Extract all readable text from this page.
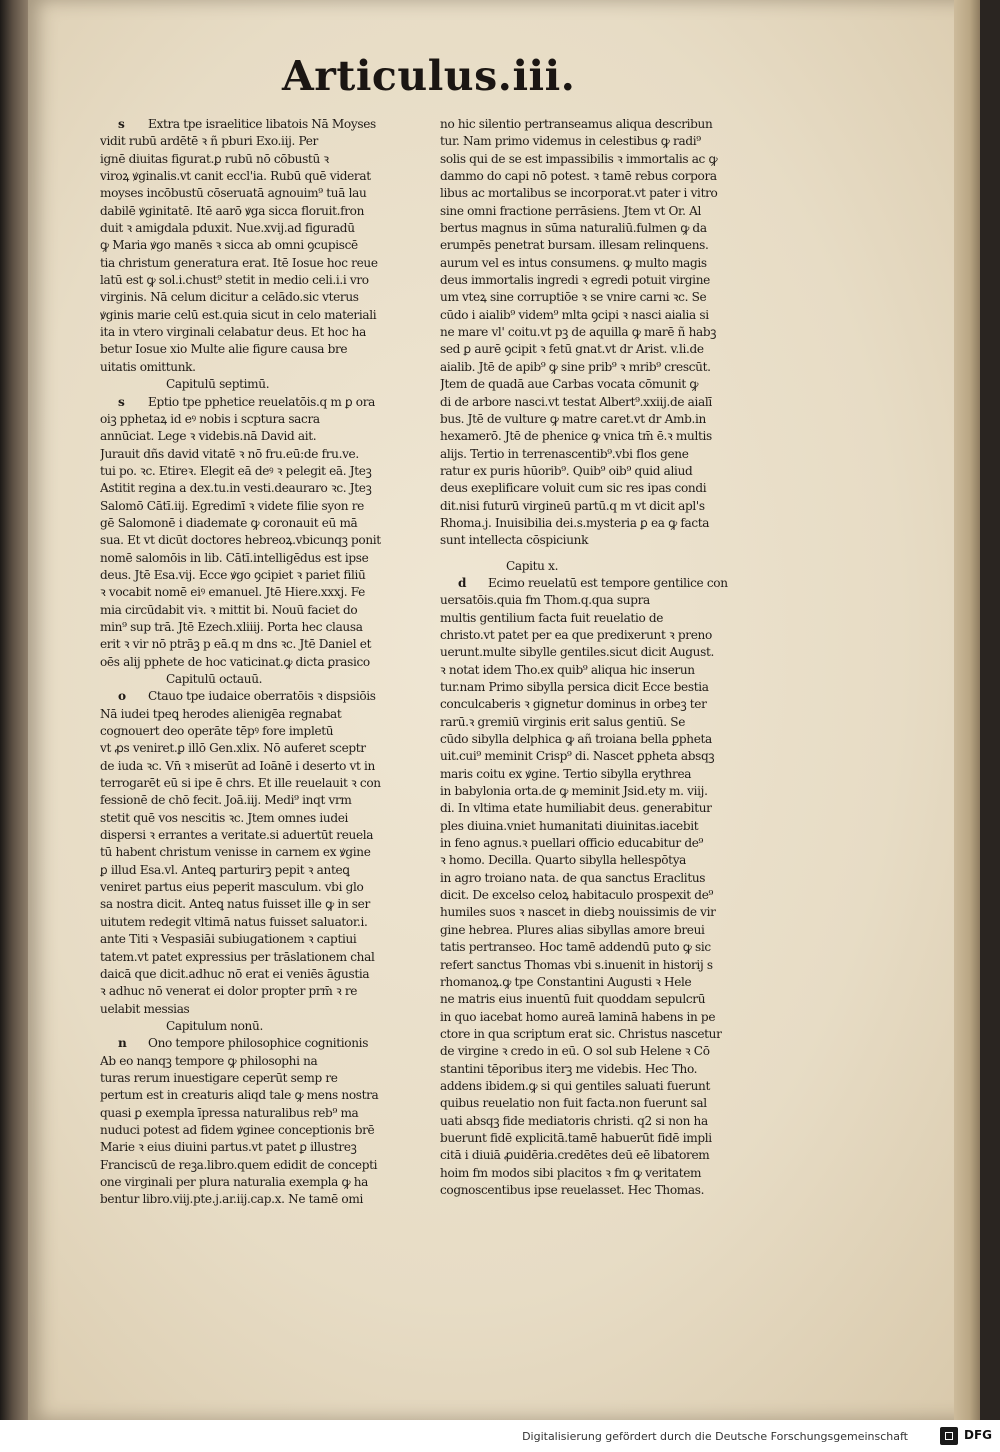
Articulus.iii.
s Extra tpe israelitice libatois Nā Moyses
vidit rubū ardētē ꝛ ñ pburi Exo.iij. Per
ignē diuitas figurat.ꝑ rubū nō cōbustū ꝛ
viroꝝ ꝟginalis.vt canit eccl'ia. Rubū quē viderat
moyses incōbustū cōseruatā agnouim⁹ tuā lau
dabilē ꝟginitatē. Itē aarō ꝟga sicca floruit.fron
duit ꝛ amigdala pduxit. Nue.xvij.ad figuradū
ꝙ Maria ꝟgo manēs ꝛ sicca ab omni ꝯcupiscē
tia christum generatura erat. Itē Iosue hoc reue
latū est ꝙ sol.i.chust⁹ stetit in medio celi.i.i vro
virginis. Nā celum dicitur a celādo.sic vterus
ꝟginis marie celū est.quia sicut in celo materiali
ita in vtero virginali celabatur deus. Et hoc ha
betur Iosue xio Multe alie figure causa bre
uitatis omittunk.
Capitulū septimū.
s Eptio tpe pphetice reuelatōis.q m ꝑ ora
oiꝫ pphetaꝝ id eꝰ nobis i scptura sacra
annūciat. Lege ꝛ videbis.nā David ait.
Jurauit dñs david vitatē ꝛ nō fru.eū:de fru.ve.
tui po. ꝛc. Etireꝛ. Elegit eā deꝰ ꝛ pelegit eā. Jteꝫ
Astitit regina a dex.tu.in vesti.deauraro ꝛc. Jteꝫ
Salomō Cātī.iij. Egredimī ꝛ videte filie syon re
gē Salomonē i diademate ꝙ coronauit eū mā
sua. Et vt dicūt doctores hebreoꝝ.vbicunqꝫ ponit
nomē salomōis in lib. Cātī.intelligēdus est ipse
deus. Jtē Esa.vij. Ecce ꝟgo ꝯcipiet ꝛ pariet filiū
ꝛ vocabit nomē eiꝰ emanuel. Jtē Hiere.xxxj. Fe
mia circūdabit viꝛ. ꝛ mittit bi. Nouū faciet do
min⁹ sup trā. Jtē Ezech.xliiij. Porta hec clausa
erit ꝛ vir nō ptrāꝫ p eā.q m dns ꝛc. Jtē Daniel et
oēs alij pphete de hoc vaticinat.ꝙ dicta ꝑrasico
Capitulū octauū.
o Ctauo tpe iudaice oberratōis ꝛ dispsiōis
Nā iudei tpeꝗ herodes alienigēa regnabat
cognouert deo operāte tēpꝰ fore impletū
vt ꝓs veniret.ꝑ illō Gen.xlix. Nō auferet sceptr
de iuda ꝛc. Vn̄ ꝛ miserūt ad Ioānē i deserto vt in
terrogarēt eū si ipe ē chrs. Et ille reuelauit ꝛ con
fessionē de chō fecit. Joā.iij. Medi⁹ inqt vrm
stetit quē vos nescitis ꝛc. Jtem omnes iudei
dispersi ꝛ errantes a veritate.si aduertūt reuela
tū habent christum venisse in carnem ex ꝟgine
ꝑ illud Esa.vl. Anteꝗ parturirꝫ pepit ꝛ anteꝗ
veniret partus eius peperit masculum. vbi glo
sa nostra dicit. Anteꝗ natus fuisset ille ꝙ in ser
uitutem redegit vltimā natus fuisset saluator.i.
ante Titi ꝛ Vespasiāi subiugationem ꝛ captiui
tatem.vt patet expressius per trāslationem chal
daicā que dicit.adhuc nō erat ei veniēs āgustia
ꝛ adhuc nō venerat ei dolor propter prm̄ ꝛ re
uelabit messias
Capitulum nonū.
n Ono tempore philosophice cognitionis
Ab eo nanqꝫ tempore ꝙ philosophi na
turas rerum inuestigare ceperūt semp re
pertum est in creaturis aliqd tale ꝙ mens nostra
quasi ꝑ exempla īpressa naturalibus reb⁹ ma
nuduci potest ad fidem ꝟginee conceptionis brē
Marie ꝛ eius diuini partus.vt patet ꝑ illustreꝫ
Franciscū de reꝫa.libro.quem edidit de concepti
one virginali per plura naturalia exempla ꝙ ha
bentur libro.viij.pte.j.ar.iij.cap.x. Ne tamē omi
no hic silentio pertranseamus aliqua describun
tur. Nam primo videmus in celestibus ꝙ radi⁹
solis qui de se est impassibilis ꝛ immortalis ac ꝙ
dammo do capi nō potest. ꝛ tamē rebus corpora
libus ac mortalibus se incorporat.vt pater i vitro
sine omni fractione perrāsiens. Jtem vt Or. Al
bertus magnus in sūma naturaliū.fulmen ꝙ da
erumpēs penetrat bursam. illesam relinquens.
aurum vel es intus consumens. ꝙ multo magis
deus immortalis ingredi ꝛ egredi potuit virgine
um vteꝝ sine corruptiōe ꝛ se vnire carni ꝛc. Se
cūdo i aialib⁹ videm⁹ mlta ꝯcipi ꝛ nasci aialia si
ne mare vl' coitu.vt pꝫ de aquilla ꝙ marē ñ habꝫ
sed ꝑ aurē ꝯcipit ꝛ fetū gnat.vt dr Arist. v.li.de
aialib. Jtē de apib⁹ ꝙ sine prib⁹ ꝛ mrib⁹ crescūt.
Jtem de quadā aue Carbas vocata cōmunit ꝙ
di de arbore nasci.vt testat Albert⁹.xxiij.de aialī
bus. Jtē de vulture ꝙ matre caret.vt dr Amb.in
hexamerō. Jtē de phenice ꝙ vnica tm̄ ē.ꝛ multis
alijs. Tertio in terrenascentib⁹.vbi flos gene
ratur ex puris hūorib⁹. Quib⁹ oib⁹ quid aliud
deus exeplificare voluit cum sic res ipas condi
dit.nisi futurū virgineū partū.q m vt dicit apl's
Rhoma.j. Inuisibilia dei.s.mysteria ꝑ ea ꝙ facta
sunt intellecta cōspiciunk
Capitu x.
d Ecimo reuelatū est tempore gentilice con
uersatōis.quia fm Thom.q.qua supra
multis gentilium facta fuit reuelatio de
christo.vt patet per ea que predixerunt ꝛ preno
uerunt.multe sibylle gentiles.sicut dicit August.
ꝛ notat idem Tho.ex quib⁹ aliqua hic inserun
tur.nam Primo sibylla persica dicit Ecce bestia
conculcaberis ꝛ gignetur dominus in orbeꝫ ter
rarū.ꝛ gremiū virginis erit salus gentiū. Se
cūdo sibylla delphica ꝙ añ troiana bella ꝑpheta
uit.cui⁹ meminit Crisp⁹ di. Nascet ꝑpheta absqꝫ
maris coitu ex ꝟgine. Tertio sibylla erythrea
in babylonia orta.de ꝙ meminit Jsid.ety m. viij.
di. In vltima etate humiliabit deus. generabitur
ples diuina.vniet humanitati diuinitas.iacebit
in feno agnus.ꝛ puellari officio educabitur de⁹
ꝛ homo. Decilla. Quarto sibylla hellespōtya
in agro troiano nata. de qua sanctus Eraclitus
dicit. De excelso celoꝝ habitaculo prospexit de⁹
humiles suos ꝛ nascet in diebꝫ nouissimis de vir
gine hebrea. Plures alias sibyllas amore breui
tatis pertranseo. Hoc tamē addendū puto ꝙ sic
refert sanctus Thomas vbi s.inuenit in historij s
rhomanoꝝ.ꝙ tpe Constantini Augusti ꝛ Hele
ne matris eius inuentū fuit quoddam sepulcrū
in quo iacebat homo aureā laminā habens in pe
ctore in qua scriptum erat sic. Christus nascetur
de virgine ꝛ credo in eū. O sol sub Helene ꝛ Cō
stantini tēporibus iterꝫ me videbis. Hec Tho.
addens ibidem.ꝙ si qui gentiles saluati fuerunt
quibus reuelatio non fuit facta.non fuerunt sal
uati absqꝫ fide mediatoris christi. q2 si non ha
buerunt fidē explicitā.tamē habuerūt fidē impli
citā i diuiā ꝓuidēria.credētes deū eē libatorem
hoim fm modos sibi placitos ꝛ fm ꝙ veritatem
cognoscentibus ipse reuelasset. Hec Thomas.
Digitalisierung gefördert durch die Deutsche Forschungsgemeinschaft	DFG
